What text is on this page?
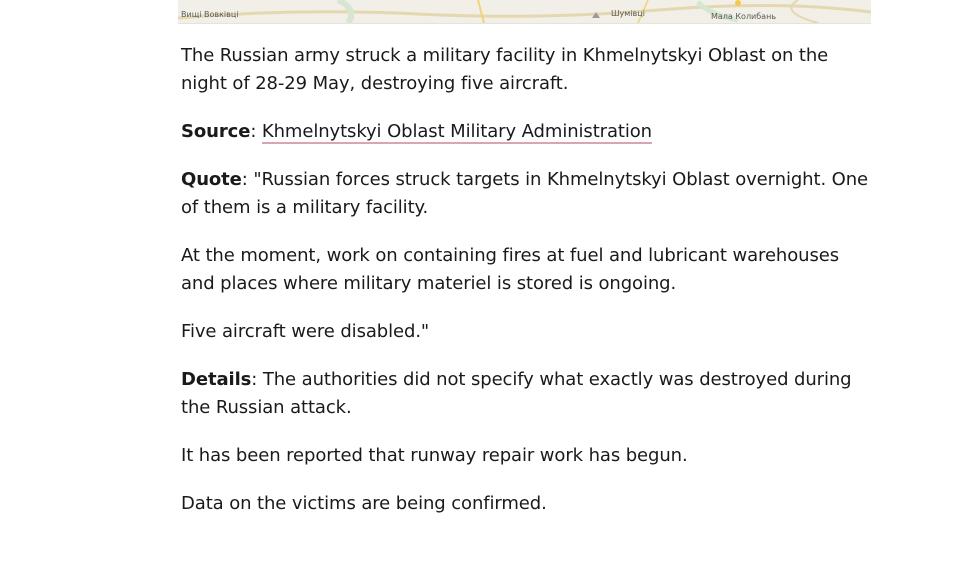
Вищі Вовківці	Шумівці	Мала Колибань

The Russian army struck a military facility in Khmelnytskyi Oblast on the night of 28-29 May, destroying five aircraft.

Source: Khmelnytskyi Oblast Military Administration

Quote: "Russian forces struck targets in Khmelnytskyi Oblast overnight. One of them is a military facility.

At the moment, work on containing fires at fuel and lubricant warehouses and places where military materiel is stored is ongoing.

Five aircraft were disabled."

Details: The authorities did not specify what exactly was destroyed during the Russian attack.

It has been reported that runway repair work has begun.

Data on the victims are being confirmed.
